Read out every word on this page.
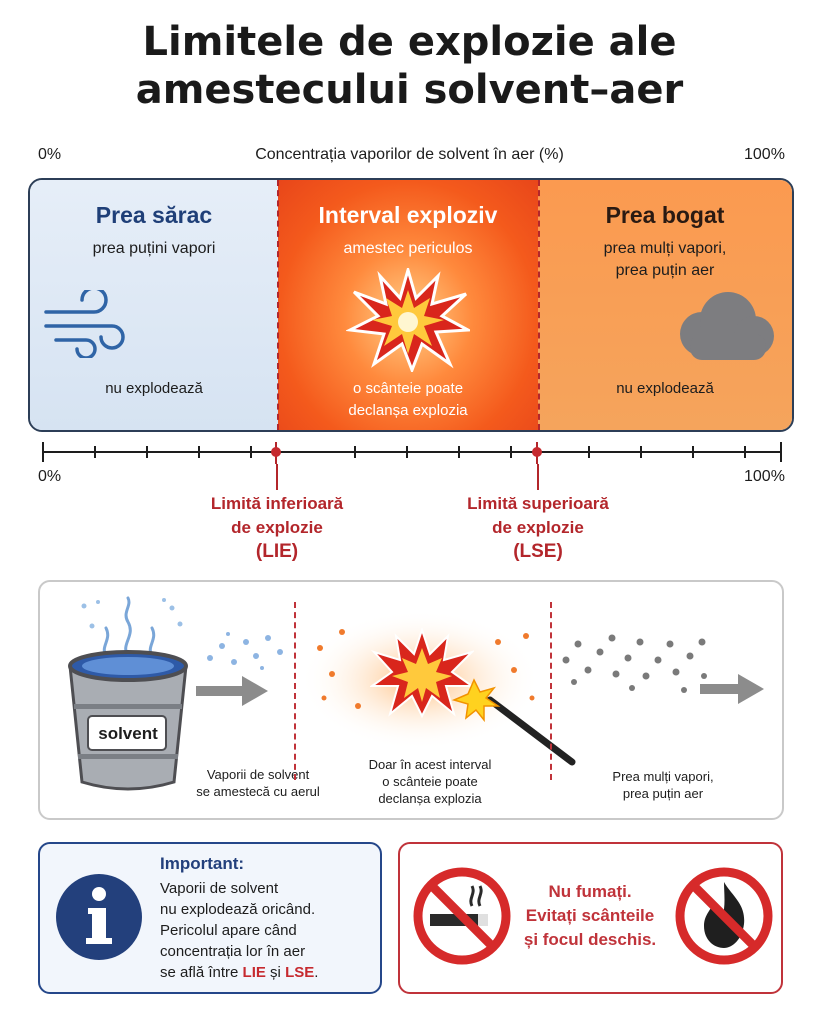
Limitele de explozie ale
amestecului solvent–aer
0%	Concentrația vaporilor de solvent în aer (%)	100%
Prea sărac
prea puțini vapori
nu explodează
Interval exploziv
amestec periculos
o scânteie poate
declanșa explozia
Prea bogat
prea mulți vapori,
prea puțin aer
nu explodează
0%	100%
Limită inferioară
de explozie
(LIE)
Limită superioară
de explozie
(LSE)
solvent
Vaporii de solvent
se amestecă cu aerul
Doar în acest interval
o scânteie poate
declanșa explozia
Prea mulți vapori,
prea puțin aer
Important:
Vaporii de solvent
nu explodează oricând.
Pericolul apare când
concentrația lor în aer
se află între LIE și LSE.
Nu fumați.
Evitați scânteile
și focul deschis.
